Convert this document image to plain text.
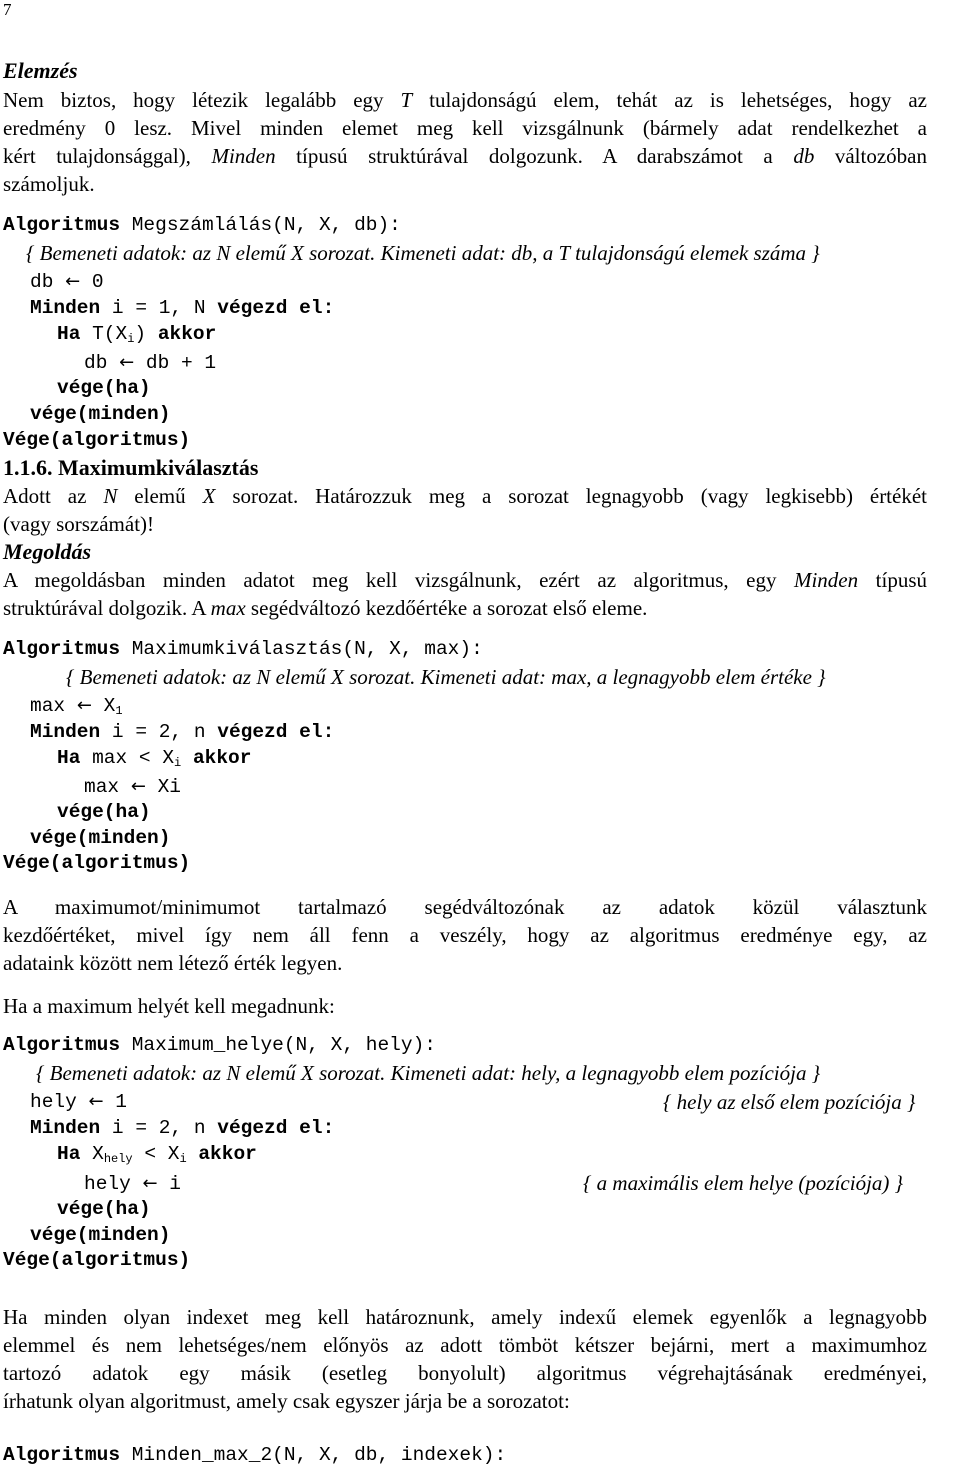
7
Elemzés
Nem biztos, hogy létezik legalább egy T tulajdonságú elem, tehát az is lehetséges, hogy az
eredmény 0 lesz. Mivel minden elemet meg kell vizsgálnunk (bármely adat rendelkezhet a
kért tulajdonsággal), Minden típusú struktúrával dolgozunk. A darabszámot a db változóban
számoljuk.
Algoritmus Megszámlálás(N, X, db):
{ Bemeneti adatok: az N elemű X sorozat. Kimeneti adat: db, a T tulajdonságú elemek száma }
db ← 0
Minden i = 1, N végezd el:
Ha $T(X_i)$ akkor
db ← db + 1
vége(ha)
vége(minden)
Vége(algoritmus)
1.1.6. Maximumkiválasztás
Adott az N elemű X sorozat. Határozzuk meg a sorozat legnagyobb (vagy legkisebb) értékét
(vagy sorszámát)!
Megoldás
A megoldásban minden adatot meg kell vizsgálnunk, ezért az algoritmus, egy Minden típusú
struktúrával dolgozik. A max segédváltozó kezdőértéke a sorozat első eleme.
Algoritmus Maximumkiválasztás(N, X, max):
{ Bemeneti adatok: az N elemű X sorozat. Kimeneti adat: max, a legnagyobb elem értéke }
max ← $X_1$
Minden i = 2, n végezd el:
Ha $\max < X_i$ akkor
max ← Xi
vége(ha)
vége(minden)
Vége(algoritmus)
A maximumot/minimumot tartalmazó segédváltozónak az adatok közül választunk
kezdőértéket, mivel így nem áll fenn a veszély, hogy az algoritmus eredménye egy, az
adataink között nem létező érték legyen.
Ha a maximum helyét kell megadnunk:
Algoritmus Maximum_helye(N, X, hely):
{ Bemeneti adatok: az N elemű X sorozat. Kimeneti adat: hely, a legnagyobb elem pozíciója }
hely ← 1	{ hely az első elem pozíciója }
Minden i = 2, n végezd el:
Ha $X_{hely} < X_i$ akkor
hely ← i	{ a maximális elem helye (pozíciója) }
vége(ha)
vége(minden)
Vége(algoritmus)
Ha minden olyan indexet meg kell határoznunk, amely indexű elemek egyenlők a legnagyobb
elemmel és nem lehetséges/nem előnyös az adott tömböt kétszer bejárni, mert a maximumhoz
tartozó adatok egy másik (esetleg bonyolult) algoritmus végrehajtásának eredményei,
írhatunk olyan algoritmust, amely csak egyszer járja be a sorozatot:
Algoritmus Minden_max_2(N, X, db, indexek):
